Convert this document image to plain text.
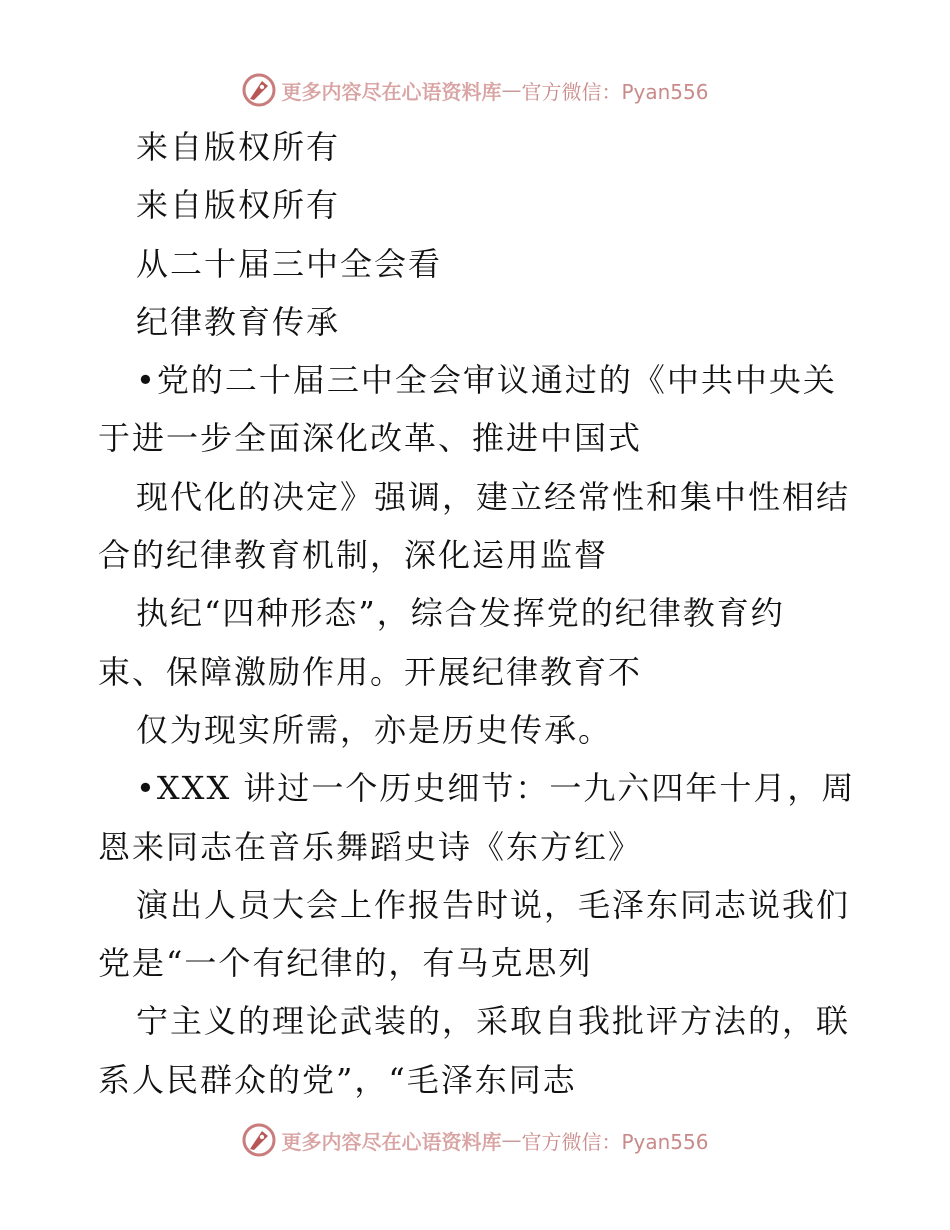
更多内容尽在心语资料库 — 官方微信：Pyan556
来自版权所有
来自版权所有
从二十届三中全会看
纪律教育传承
•党的二十届三中全会审议通过的《中共中央关
于进一步全面深化改革、推进中国式
现代化的决定》强调，建立经常性和集中性相结
合的纪律教育机制，深化运用监督
执纪“四种形态”，综合发挥党的纪律教育约
束、保障激励作用。开展纪律教育不
仅为现实所需，亦是历史传承。
•XXX 讲过一个历史细节：一九六四年十月，周
恩来同志在音乐舞蹈史诗《东方红》
演出人员大会上作报告时说，毛泽东同志说我们
党是“一个有纪律的，有马克思列
宁主义的理论武装的，采取自我批评方法的，联
系人民群众的党”，“毛泽东同志
更多内容尽在心语资料库 — 官方微信：Pyan556
